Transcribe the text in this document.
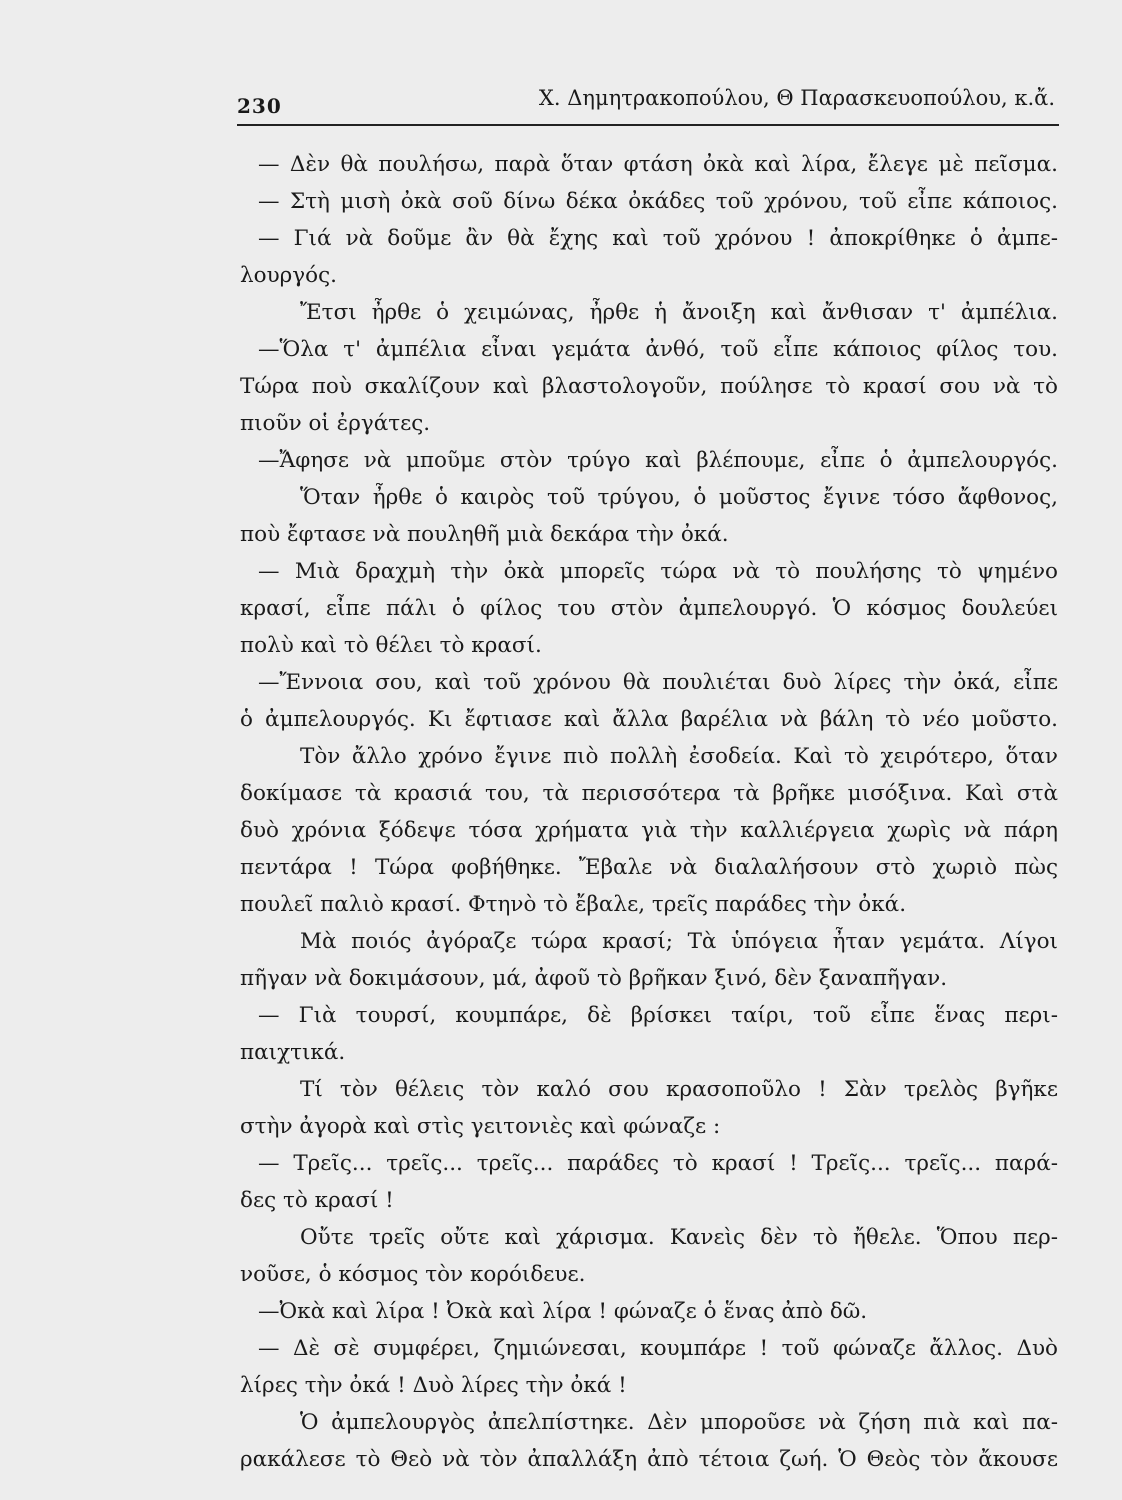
230	Χ. Δημητρακοπούλου, Θ Παρασκευοπούλου, κ.ἄ.
— Δὲν θὰ πουλήσω, παρὰ ὅταν φτάση ὀκὰ καὶ λίρα, ἔλεγε μὲ πεῖσμα.
— Στὴ μισὴ ὀκὰ σοῦ δίνω δέκα ὀκάδες τοῦ χρόνου, τοῦ εἶπε κάποιος.
— Γιά νὰ δοῦμε ἂν θὰ ἔχης καὶ τοῦ χρόνου ! ἀποκρίθηκε ὁ ἀμπε-
λουργός.
Ἔτσι ἦρθε ὁ χειμώνας, ἦρθε ἡ ἄνοιξη καὶ ἄνθισαν τ' ἀμπέλια.
—Ὅλα τ' ἀμπέλια εἶναι γεμάτα ἀνθό, τοῦ εἶπε κάποιος φίλος του.
Τώρα ποὺ σκαλίζουν καὶ βλαστολογοῦν, πούλησε τὸ κρασί σου νὰ τὸ
πιοῦν οἱ ἐργάτες.
—Ἄφησε νὰ μποῦμε στὸν τρύγο καὶ βλέπουμε, εἶπε ὁ ἀμπελουργός.
Ὅταν ἦρθε ὁ καιρὸς τοῦ τρύγου, ὁ μοῦστος ἔγινε τόσο ἄφθονος,
ποὺ ἔφτασε νὰ πουληθῆ μιὰ δεκάρα τὴν ὀκά.
— Μιὰ δραχμὴ τὴν ὀκὰ μπορεῖς τώρα νὰ τὸ πουλήσης τὸ ψημένο
κρασί, εἶπε πάλι ὁ φίλος του στὸν ἀμπελουργό. Ὁ κόσμος δουλεύει
πολὺ καὶ τὸ θέλει τὸ κρασί.
—Ἔννοια σου, καὶ τοῦ χρόνου θὰ πουλιέται δυὸ λίρες τὴν ὀκά, εἶπε
ὁ ἀμπελουργός. Κι ἔφτιασε καὶ ἄλλα βαρέλια νὰ βάλη τὸ νέο μοῦστο.
Τὸν ἄλλο χρόνο ἔγινε πιὸ πολλὴ ἐσοδεία. Καὶ τὸ χειρότερο, ὅταν
δοκίμασε τὰ κρασιά του, τὰ περισσότερα τὰ βρῆκε μισόξινα. Καὶ στὰ
δυὸ χρόνια ξόδεψε τόσα χρήματα γιὰ τὴν καλλιέργεια χωρὶς νὰ πάρη
πεντάρα ! Τώρα φοβήθηκε. Ἔβαλε νὰ διαλαλήσουν στὸ χωριὸ πὼς
πουλεῖ παλιὸ κρασί. Φτηνὸ τὸ ἔβαλε, τρεῖς παράδες τὴν ὀκά.
Μὰ ποιός ἀγόραζε τώρα κρασί; Τὰ ὑπόγεια ἦταν γεμάτα. Λίγοι
πῆγαν νὰ δοκιμάσουν, μά, ἀφοῦ τὸ βρῆκαν ξινό, δὲν ξαναπῆγαν.
— Γιὰ τουρσί, κουμπάρε, δὲ βρίσκει ταίρι, τοῦ εἶπε ἕνας περι-
παιχτικά.
Τί τὸν θέλεις τὸν καλό σου κρασοποῦλο ! Σὰν τρελὸς βγῆκε
στὴν ἀγορὰ καὶ στὶς γειτονιὲς καὶ φώναζε :
— Τρεῖς... τρεῖς... τρεῖς... παράδες τὸ κρασί ! Τρεῖς... τρεῖς... παρά-
δες τὸ κρασί !
Οὔτε τρεῖς οὔτε καὶ χάρισμα. Κανεὶς δὲν τὸ ἤθελε. Ὅπου περ-
νοῦσε, ὁ κόσμος τὸν κορόιδευε.
—Ὀκὰ καὶ λίρα ! Ὀκὰ καὶ λίρα ! φώναζε ὁ ἕνας ἀπὸ δῶ.
— Δὲ σὲ συμφέρει, ζημιώνεσαι, κουμπάρε ! τοῦ φώναζε ἄλλος. Δυὸ
λίρες τὴν ὀκά ! Δυὸ λίρες τὴν ὀκά !
Ὁ ἀμπελουργὸς ἀπελπίστηκε. Δὲν μποροῦσε νὰ ζήση πιὰ καὶ πα-
ρακάλεσε τὸ Θεὸ νὰ τὸν ἀπαλλάξη ἀπὸ τέτοια ζωή. Ὁ Θεὸς τὸν ἄκουσε
